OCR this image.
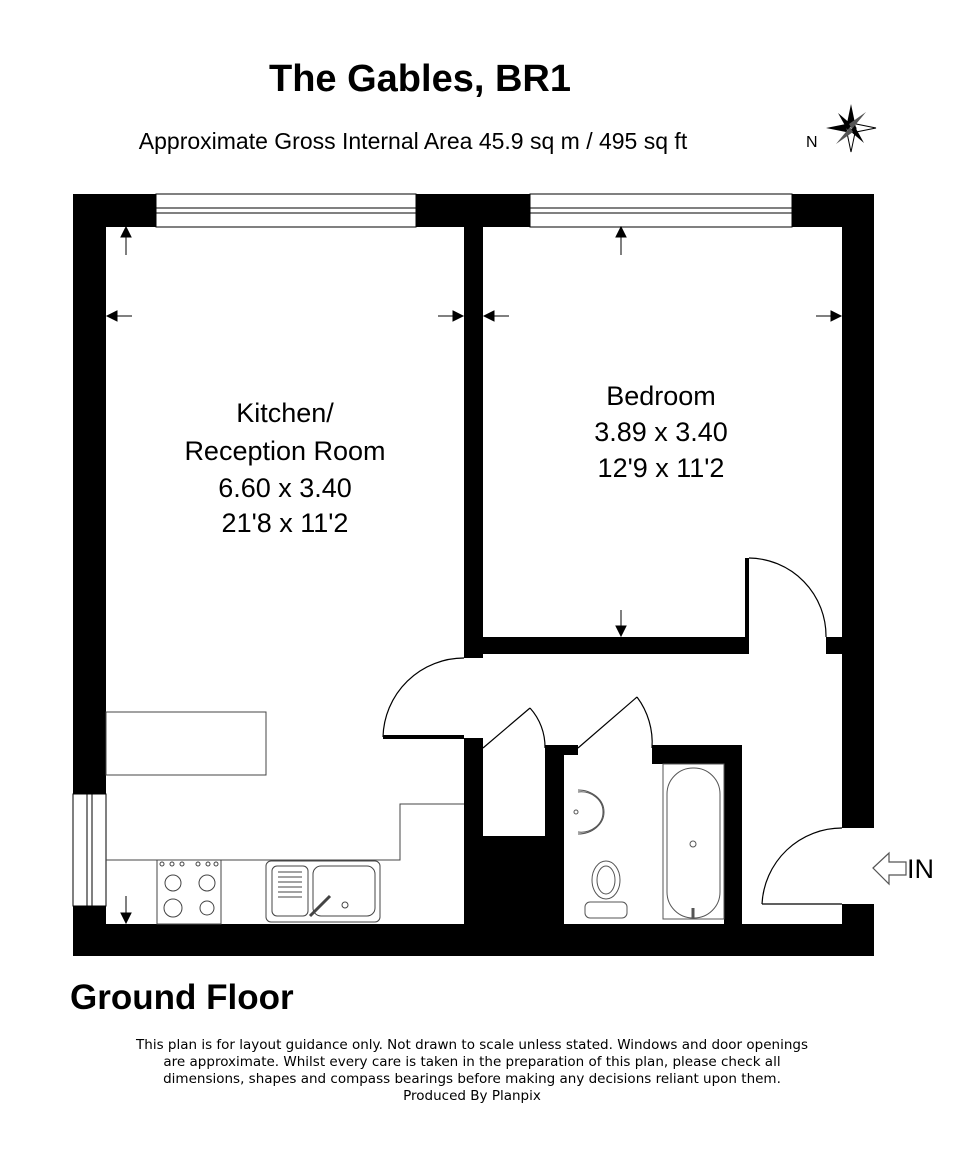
The Gables, BR1
Approximate Gross Internal Area 45.9 sq m / 495 sq ft	N
Kitchen/
Reception Room
6.60 x 3.40
21'8 x 11'2
Bedroom
3.89 x 3.40
12'9 x 11'2
IN
Ground Floor
This plan is for layout guidance only. Not drawn to scale unless stated. Windows and door openings
are approximate. Whilst every care is taken in the preparation of this plan, please check all
dimensions, shapes and compass bearings before making any decisions reliant upon them.
Produced By Planpix
